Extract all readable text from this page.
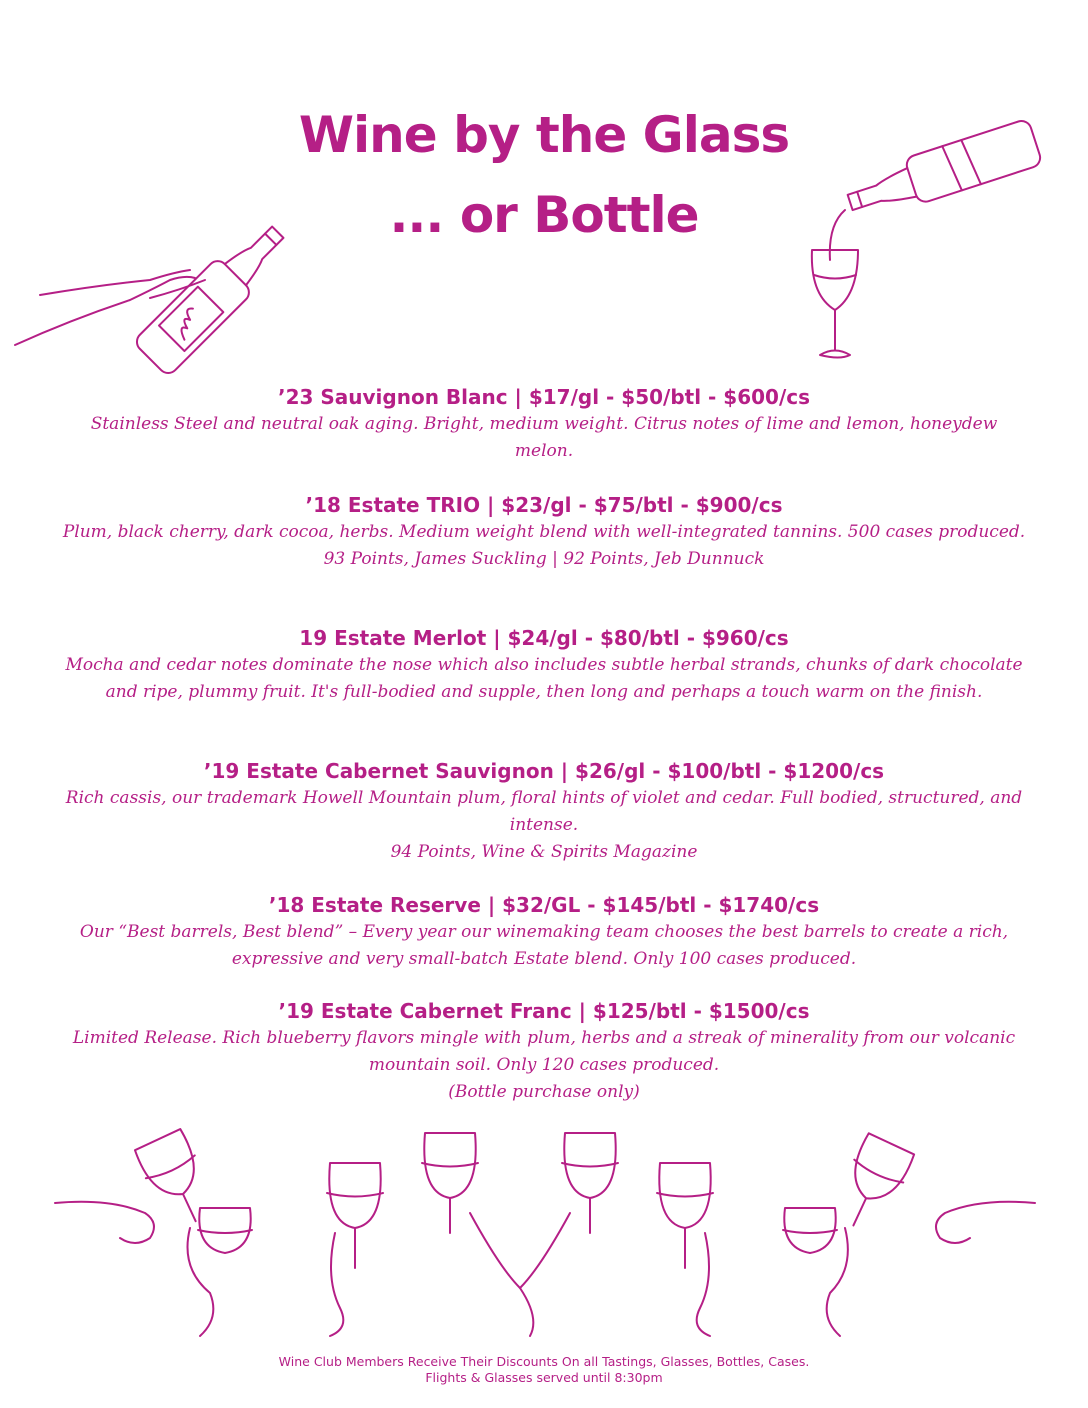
Wine by the Glass
... or Bottle

’23 Sauvignon Blanc | $17/gl - $50/btl - $600/cs

Stainless Steel and neutral oak aging. Bright, medium weight. Citrus notes of lime and lemon, honeydew melon.

’18 Estate TRIO | $23/gl - $75/btl - $900/cs

Plum, black cherry, dark cocoa, herbs. Medium weight blend with well-integrated tannins. 500 cases produced.

93 Points, James Suckling | 92 Points, Jeb Dunnuck

19 Estate Merlot | $24/gl - $80/btl - $960/cs

Mocha and cedar notes dominate the nose which also includes subtle herbal strands, chunks of dark chocolate and ripe, plummy fruit. It's full-bodied and supple, then long and perhaps a touch warm on the finish.

’19 Estate Cabernet Sauvignon | $26/gl - $100/btl - $1200/cs

Rich cassis, our trademark Howell Mountain plum, floral hints of violet and cedar. Full bodied, structured, and intense.

94 Points, Wine & Spirits Magazine

’18 Estate Reserve | $32/GL - $145/btl - $1740/cs

Our “Best barrels, Best blend” – Every year our winemaking team chooses the best barrels to create a rich, expressive and very small-batch Estate blend. Only 100 cases produced.

’19 Estate Cabernet Franc | $125/btl - $1500/cs

Limited Release. Rich blueberry flavors mingle with plum, herbs and a streak of minerality from our volcanic mountain soil. Only 120 cases produced.

(Bottle purchase only)

Wine Club Members Receive Their Discounts On all Tastings, Glasses, Bottles, Cases.
Flights & Glasses served until 8:30pm
